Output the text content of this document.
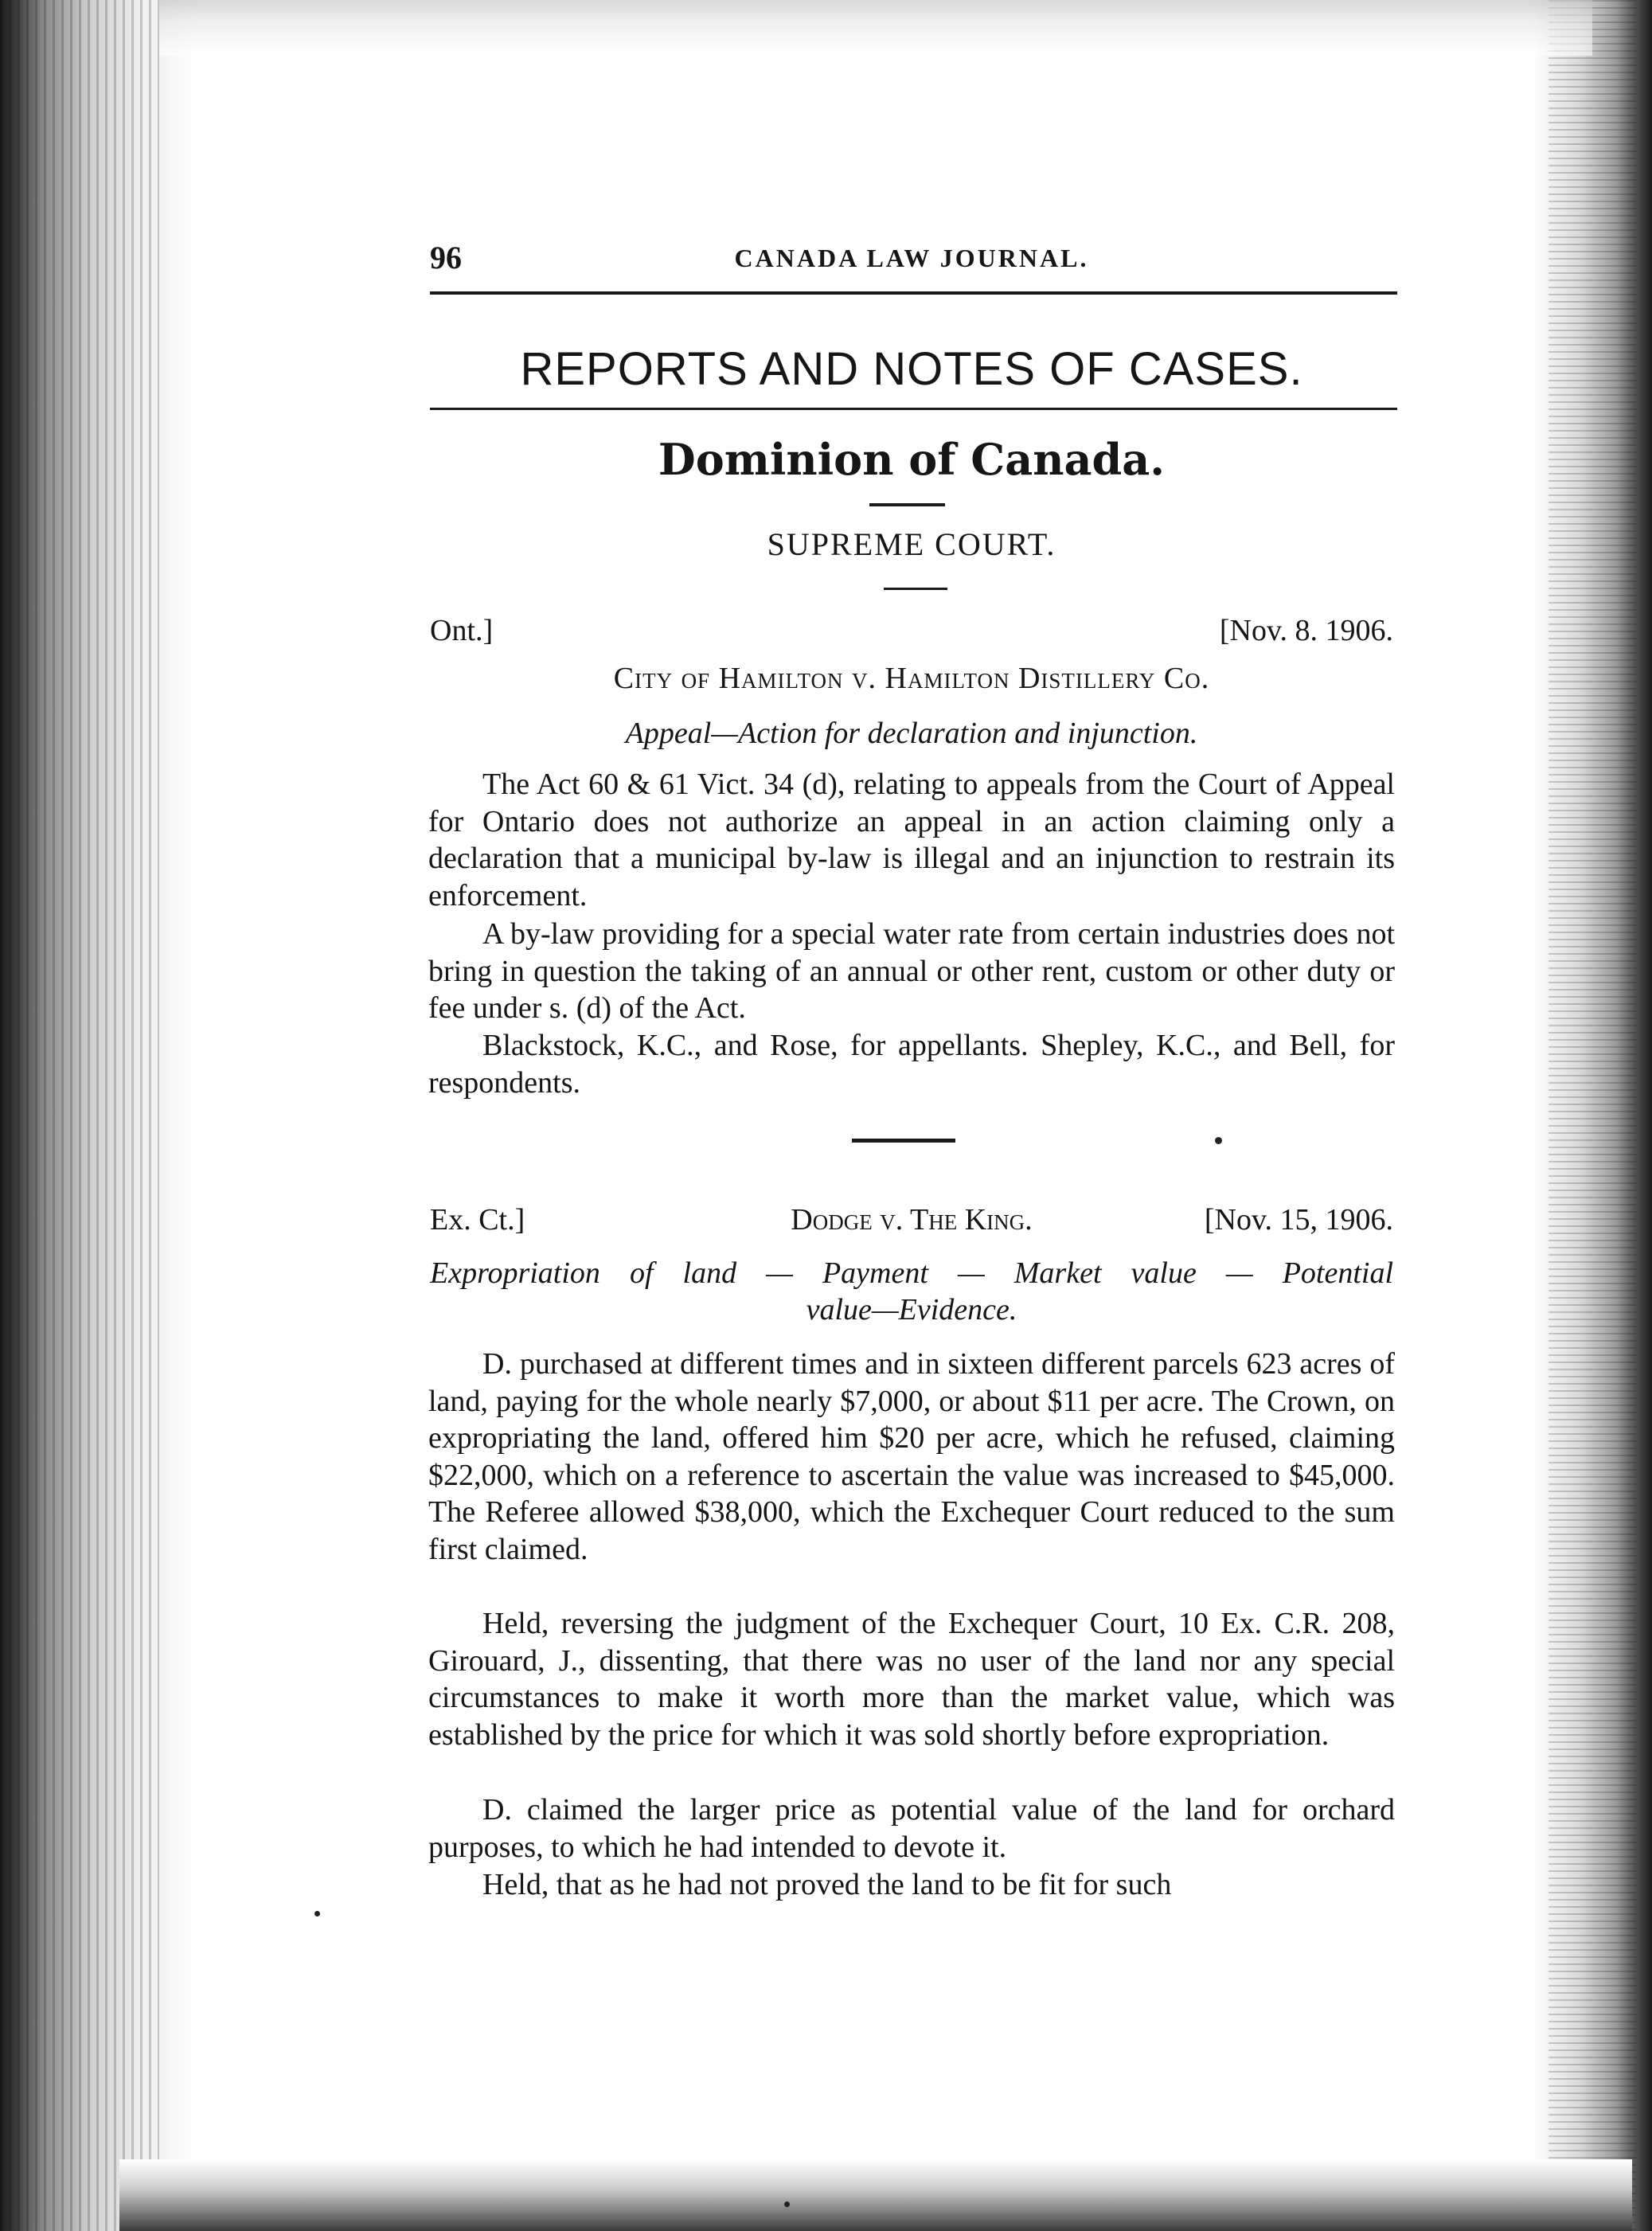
96	CANADA LAW JOURNAL.
REPORTS AND NOTES OF CASES.
Dominion of Canada.
SUPREME COURT.
Ont.]	[Nov. 8. 1906.
City of Hamilton v. Hamilton Distillery Co.
Appeal—Action for declaration and injunction.

The Act 60 & 61 Vict. 34 (d), relating to appeals from the Court of Appeal for Ontario does not authorize an appeal in an action claiming only a declaration that a municipal by-law is illegal and an injunction to restrain its enforcement.

A by-law providing for a special water rate from certain industries does not bring in question the taking of an annual or other rent, custom or other duty or fee under s. (d) of the Act.

Blackstock, K.C., and Rose, for appellants. Shepley, K.C., and Bell, for respondents.

Ex. Ct.]	Dodge v. The King.	[Nov. 15, 1906.
Expropriation of land — Payment — Market value — Potential
value—Evidence.

D. purchased at different times and in sixteen different parcels 623 acres of land, paying for the whole nearly $7,000, or about $11 per acre. The Crown, on expropriating the land, offered him $20 per acre, which he refused, claiming $22,000, which on a reference to ascertain the value was increased to $45,000. The Referee allowed $38,000, which the Exchequer Court reduced to the sum first claimed.

Held, reversing the judgment of the Exchequer Court, 10 Ex. C.R. 208, Girouard, J., dissenting, that there was no user of the land nor any special circumstances to make it worth more than the market value, which was established by the price for which it was sold shortly before expropriation.

D. claimed the larger price as potential value of the land for orchard purposes, to which he had intended to devote it.

Held, that as he had not proved the land to be fit for such
